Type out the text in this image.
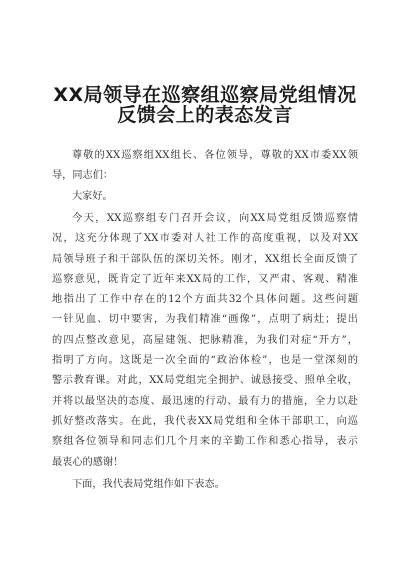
XX局领导在巡察组巡察局党组情况
反馈会上的表态发言
尊敬的XX巡察组XX组长、各位领导，尊敬的XX市委XX领
导，同志们：
大家好。
今天，XX巡察组专门召开会议，向XX局党组反馈巡察情
况，这充分体现了XX市委对人社工作的高度重视，以及对XX
局领导班子和干部队伍的深切关怀。刚才，XX组长全面反馈了
巡察意见，既肯定了近年来XX局的工作，又严肃、客观、精准
地指出了工作中存在的12个方面共32个具体问题。这些问题
一针见血、切中要害，为我们精准“画像”，点明了病灶；提出
的四点整改意见，高屋建瓴、把脉精准，为我们对症“开方”，
指明了方向。这既是一次全面的“政治体检”，也是一堂深刻的
警示教育课。对此，XX局党组完全拥护、诚恳接受、照单全收，
并将以最坚决的态度、最迅速的行动、最有力的措施，全力以赴
抓好整改落实。在此，我代表XX局党组和全体干部职工，向巡
察组各位领导和同志们几个月来的辛勤工作和悉心指导，表示
最衷心的感谢！
下面，我代表局党组作如下表态。
